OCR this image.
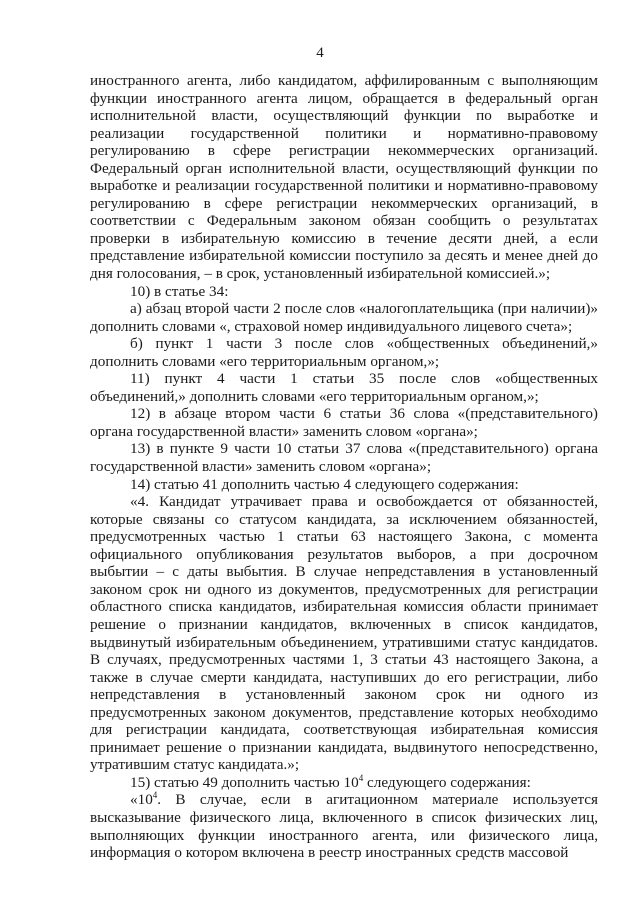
4

иностранного агента, либо кандидатом, аффилированным с выполняющим функции иностранного агента лицом, обращается в федеральный орган исполнительной власти, осуществляющий функции по выработке и реализации государственной политики и нормативно-правовому регулированию в сфере регистрации некоммерческих организаций. Федеральный орган исполнительной власти, осуществляющий функции по выработке и реализации государственной политики и нормативно-правовому регулированию в сфере регистрации некоммерческих организаций, в соответствии с Федеральным законом обязан сообщить о результатах проверки в избирательную комиссию в течение десяти дней, а если представление избирательной комиссии поступило за десять и менее дней до дня голосования, – в срок, установленный избирательной комиссией.»;

10) в статье 34:

а) абзац второй части 2 после слов «налогоплательщика (при наличии)» дополнить словами «, страховой номер индивидуального лицевого счета»;

б) пункт 1 части 3 после слов «общественных объединений,» дополнить словами «его территориальным органом,»;

11) пункт 4 части 1 статьи 35 после слов «общественных объединений,» дополнить словами «его территориальным органом,»;

12) в абзаце втором части 6 статьи 36 слова «(представительного) органа государственной власти» заменить словом «органа»;

13) в пункте 9 части 10 статьи 37 слова «(представительного) органа государственной власти» заменить словом «органа»;

14) статью 41 дополнить частью 4 следующего содержания:

«4. Кандидат утрачивает права и освобождается от обязанностей, которые связаны со статусом кандидата, за исключением обязанностей, предусмотренных частью 1 статьи 63 настоящего Закона, с момента официального опубликования результатов выборов, а при досрочном выбытии – с даты выбытия. В случае непредставления в установленный законом срок ни одного из документов, предусмотренных для регистрации областного списка кандидатов, избирательная комиссия области принимает решение о признании кандидатов, включенных в список кандидатов, выдвинутый избирательным объединением, утратившими статус кандидатов. В случаях, предусмотренных частями 1, 3 статьи 43 настоящего Закона, а также в случае смерти кандидата, наступивших до его регистрации, либо непредставления в установленный законом срок ни одного из предусмотренных законом документов, представление которых необходимо для регистрации кандидата, соответствующая избирательная комиссия принимает решение о признании кандидата, выдвинутого непосредственно, утратившим статус кандидата.»;

15) статью 49 дополнить частью $10^4$ следующего содержания:

«$10^4$. В случае, если в агитационном материале используется высказывание физического лица, включенного в список физических лиц, выполняющих функции иностранного агента, или физического лица, информация о котором включена в реестр иностранных средств массовой
